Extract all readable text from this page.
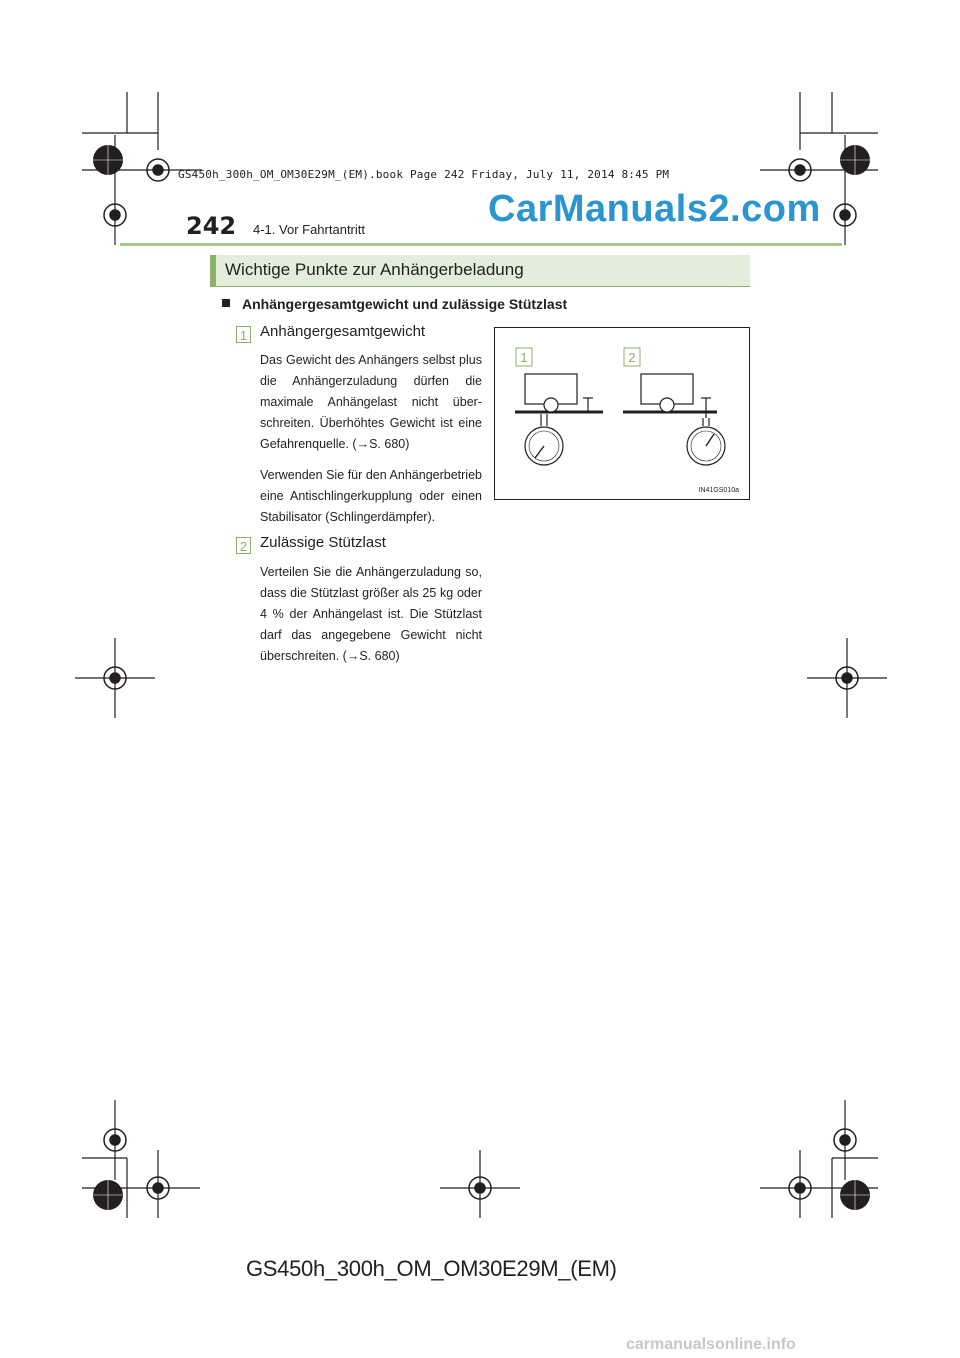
GS450h_300h_OM_OM30E29M_(EM).book Page 242 Friday, July 11, 2014 8:45 PM
CarManuals2.com
242 4-1. Vor Fahrtantritt
Wichtige Punkte zur Anhängerbeladung
Anhängergesamtgewicht und zulässige Stützlast
1 Anhängergesamtgewicht

Das Gewicht des Anhängers selbst plus die Anhängerzuladung dürfen die maximale Anhängelast nicht überschreiten. Überhöhtes Gewicht ist eine Gefahrenquelle. (→S. 680)

Verwenden Sie für den Anhängerbetrieb eine Antischlingerkupplung oder einen Stabilisator (Schlingerdämpfer).

2 Zulässige Stützlast

Verteilen Sie die Anhängerzuladung so, dass die Stützlast größer als 25 kg oder 4 % der Anhängelast ist. Die Stützlast darf das angegebene Gewicht nicht überschreiten. (→S. 680)

1	2
IN41GS010a
GS450h_300h_OM_OM30E29M_(EM)
carmanualsonline.info
